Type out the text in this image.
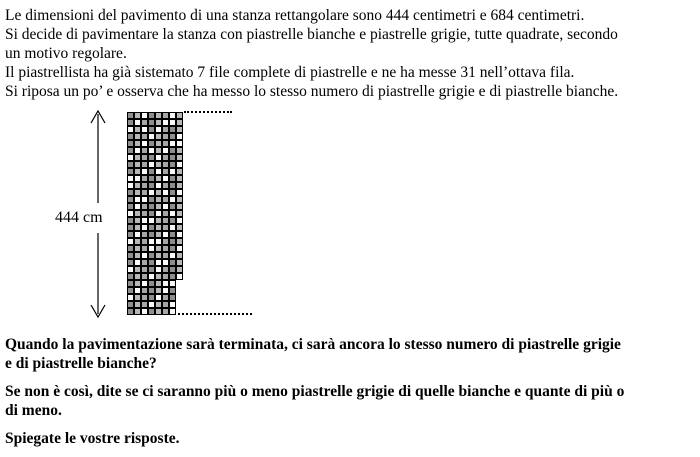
Le dimensioni del pavimento di una stanza rettangolare sono 444 centimetri e 684 centimetri.
Si decide di pavimentare la stanza con piastrelle bianche e piastrelle grigie, tutte quadrate, secondo
un motivo regolare.
Il piastrellista ha già sistemato 7 file complete di piastrelle e ne ha messe 31 nell’ottava fila.
Si riposa un po’ e osserva che ha messo lo stesso numero di piastrelle grigie e di piastrelle bianche.
444 cm
Quando la pavimentazione sarà terminata, ci sarà ancora lo stesso numero di piastrelle grigie
e di piastrelle bianche?
Se non è così, dite se ci saranno più o meno piastrelle grigie di quelle bianche e quante di più o
di meno.
Spiegate le vostre risposte.
